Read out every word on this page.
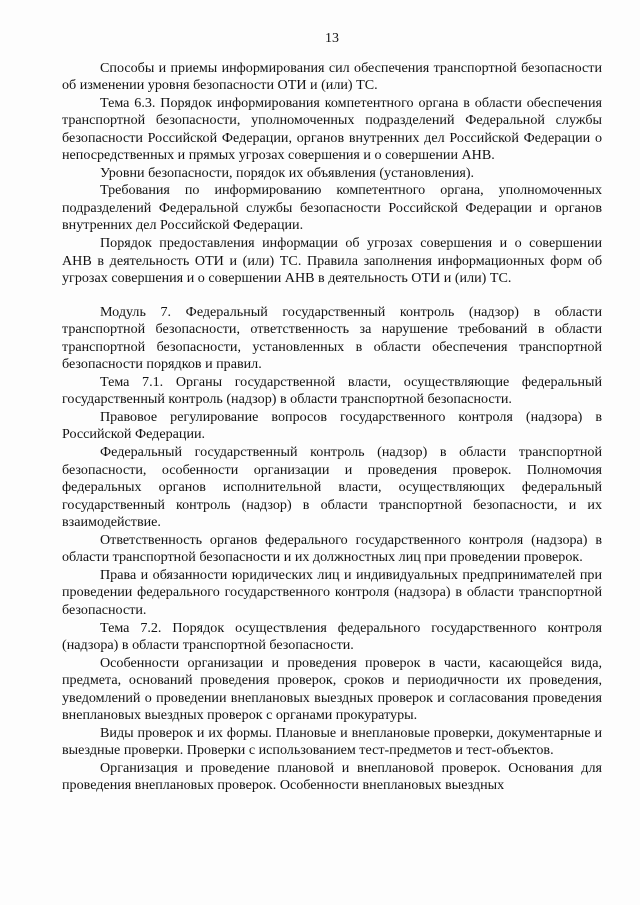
13

Способы и приемы информирования сил обеспечения транспортной безопасности об изменении уровня безопасности ОТИ и (или) ТС.

Тема 6.3. Порядок информирования компетентного органа в области обеспечения транспортной безопасности, уполномоченных подразделений Федеральной службы безопасности Российской Федерации, органов внутренних дел Российской Федерации о непосредственных и прямых угрозах совершения и о совершении АНВ.

Уровни безопасности, порядок их объявления (установления).

Требования по информированию компетентного органа, уполномоченных подразделений Федеральной службы безопасности Российской Федерации и органов внутренних дел Российской Федерации.

Порядок предоставления информации об угрозах совершения и о совершении АНВ в деятельность ОТИ и (или) ТС. Правила заполнения информационных форм об угрозах совершения и о совершении АНВ в деятельность ОТИ и (или) ТС.

Модуль 7. Федеральный государственный контроль (надзор) в области транспортной безопасности, ответственность за нарушение требований в области транспортной безопасности, установленных в области обеспечения транспортной безопасности порядков и правил.

Тема 7.1. Органы государственной власти, осуществляющие федеральный государственный контроль (надзор) в области транспортной безопасности.

Правовое регулирование вопросов государственного контроля (надзора) в Российской Федерации.

Федеральный государственный контроль (надзор) в области транспортной безопасности, особенности организации и проведения проверок. Полномочия федеральных органов исполнительной власти, осуществляющих федеральный государственный контроль (надзор) в области транспортной безопасности, и их взаимодействие.

Ответственность органов федерального государственного контроля (надзора) в области транспортной безопасности и их должностных лиц при проведении проверок.

Права и обязанности юридических лиц и индивидуальных предпринимателей при проведении федерального государственного контроля (надзора) в области транспортной безопасности.

Тема 7.2. Порядок осуществления федерального государственного контроля (надзора) в области транспортной безопасности.

Особенности организации и проведения проверок в части, касающейся вида, предмета, оснований проведения проверок, сроков и периодичности их проведения, уведомлений о проведении внеплановых выездных проверок и согласования проведения внеплановых выездных проверок с органами прокуратуры.

Виды проверок и их формы. Плановые и внеплановые проверки, документарные и выездные проверки. Проверки с использованием тест-предметов и тест-объектов.

Организация и проведение плановой и внеплановой проверок. Основания для проведения внеплановых проверок. Особенности внеплановых выездных
